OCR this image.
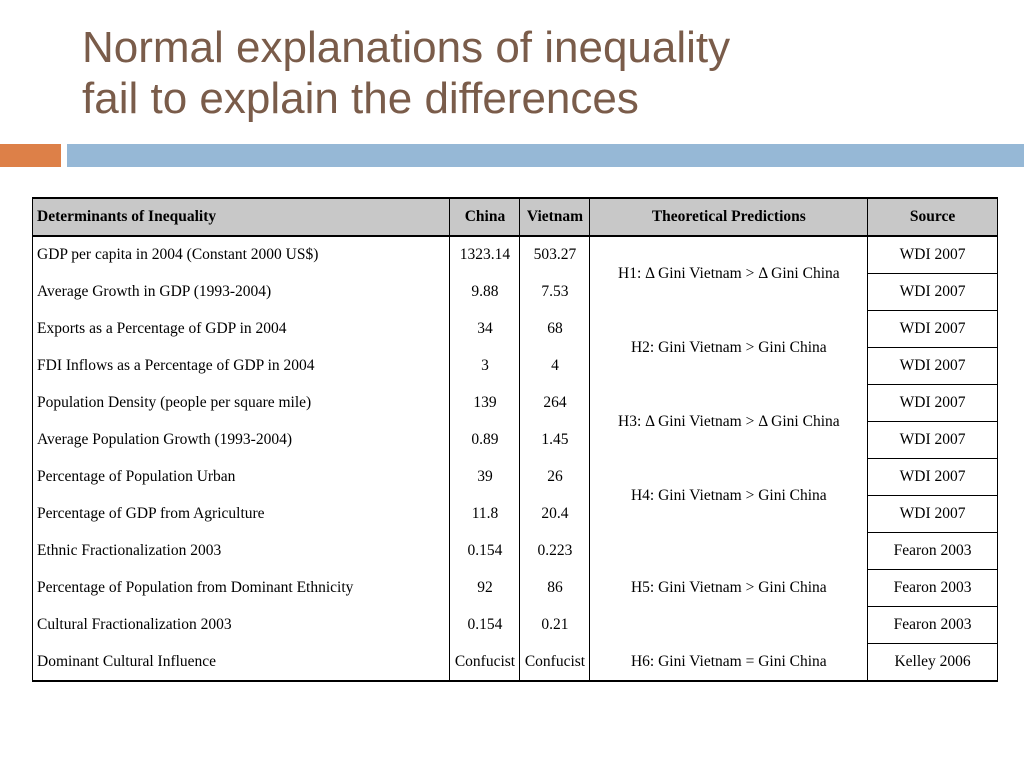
Normal explanations of inequality
fail to explain the differences
Determinants of Inequality	China	Vietnam	Theoretical Predictions	Source
GDP per capita in 2004 (Constant 2000 US$)	1323.14	503.27	H1: Δ Gini Vietnam > Δ Gini China	WDI 2007
Average Growth in GDP (1993-2004)	9.88	7.53		WDI 2007
Exports as a Percentage of GDP in 2004	34	68	H2: Gini Vietnam > Gini China	WDI 2007
FDI Inflows as a Percentage of GDP in 2004	3	4		WDI 2007
Population Density (people per square mile)	139	264	H3: Δ Gini Vietnam > Δ Gini China	WDI 2007
Average Population Growth (1993-2004)	0.89	1.45		WDI 2007
Percentage of Population Urban	39	26	H4: Gini Vietnam > Gini China	WDI 2007
Percentage of GDP from Agriculture	11.8	20.4		WDI 2007
Ethnic Fractionalization 2003	0.154	0.223	H5: Gini Vietnam > Gini China	Fearon 2003
Percentage of Population from Dominant Ethnicity	92	86		Fearon 2003
Cultural Fractionalization 2003	0.154	0.21		Fearon 2003
Dominant Cultural Influence	Confucist	Confucist	H6: Gini Vietnam = Gini China	Kelley 2006
